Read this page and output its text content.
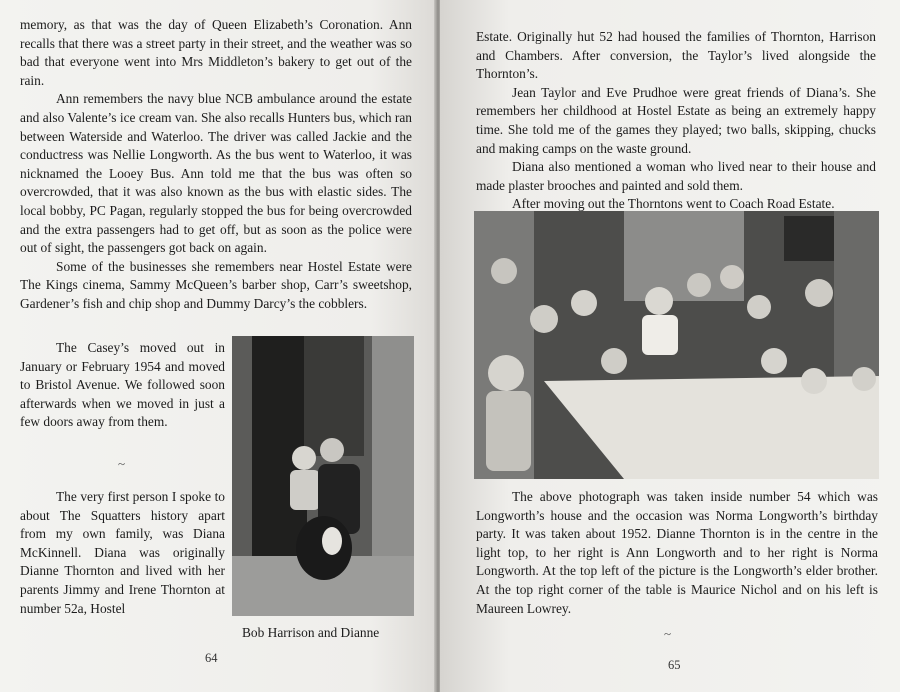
memory, as that was the day of Queen Elizabeth’s Coronation. Ann recalls that there was a street party in their street, and the weather was so bad that everyone went into Mrs Middleton’s bakery to get out of the rain.

Ann remembers the navy blue NCB ambulance around the estate and also Valente’s ice cream van. She also recalls Hunters bus, which ran between Waterside and Waterloo. The driver was called Jackie and the conductress was Nellie Longworth. As the bus went to Waterloo, it was nicknamed the Looey Bus. Ann told me that the bus was often so overcrowded, that it was also known as the bus with elastic sides. The local bobby, PC Pagan, regularly stopped the bus for being overcrowded and the extra passengers had to get off, but as soon as the police were out of sight, the passengers got back on again.

Some of the businesses she remembers near Hostel Estate were The Kings cinema, Sammy McQueen’s barber shop, Carr’s sweetshop, Gardener’s fish and chip shop and Dummy Darcy’s the cobblers.

The Casey’s moved out in January or February 1954 and moved to Bristol Avenue. We followed soon afterwards when we moved in just a few doors away from them.

~

The very first person I spoke to about The Squatters history apart from my own family, was Diana McKinnell. Diana was originally Dianne Thornton and lived with her parents Jimmy and Irene Thornton at number 52a, Hostel

Bob Harrison and Dianne
64

Estate. Originally hut 52 had housed the families of Thornton, Harrison and Chambers. After conversion, the Taylor’s lived alongside the Thornton’s.

Jean Taylor and Eve Prudhoe were great friends of Diana’s. She remembers her childhood at Hostel Estate as being an extremely happy time. She told me of the games they played; two balls, skipping, chucks and making camps on the waste ground.

Diana also mentioned a woman who lived near to their house and made plaster brooches and painted and sold them.

After moving out the Thorntons went to Coach Road Estate.

The above photograph was taken inside number 54 which was Longworth’s house and the occasion was Norma Longworth’s birthday party. It was taken about 1952. Dianne Thornton is in the centre in the light top, to her right is Ann Longworth and to her right is Norma Longworth. At the top left of the picture is the Longworth’s elder brother. At the top right corner of the table is Maurice Nichol and on his left is Maureen Lowrey.

~
65
